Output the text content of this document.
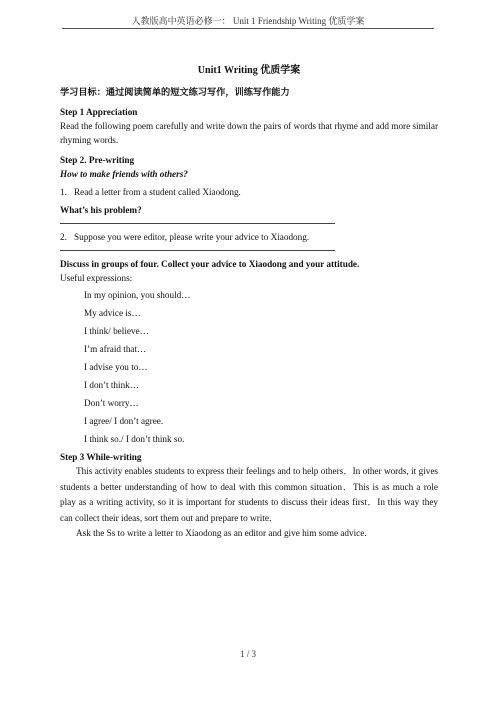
人教版高中英语必修一： Unit 1 Friendship Writing 优质学案
Unit1 Writing 优质学案
学习目标：通过阅读简单的短文练习写作，训练写作能力
Step 1 Appreciation
Read the following poem carefully and write down the pairs of words that rhyme and add more similar rhyming words.
Step 2. Pre-writing
How to make friends with others?
1. Read a letter from a student called Xiaodong.
What’s his problem?
2. Suppose you were editor, please write your advice to Xiaodong.
Discuss in groups of four. Collect your advice to Xiaodong and your attitude.
Useful expressions:
In my opinion, you should…
My advice is…
I think/ believe…
I’m afraid that…
I advise you to…
I don’t think…
Don’t worry…
I agree/ I don’t agree.
I think so./ I don’t think so.
Step 3 While-writing
This activity enables students to express their feelings and to help others．In other words, it gives students a better understanding of how to deal with this common situation．This is as much a role play as a writing activity, so it is important for students to discuss their ideas first．In this way they can collect their ideas, sort them out and prepare to write．
Ask the Ss to write a letter to Xiaodong as an editor and give him some advice.
1 / 3
